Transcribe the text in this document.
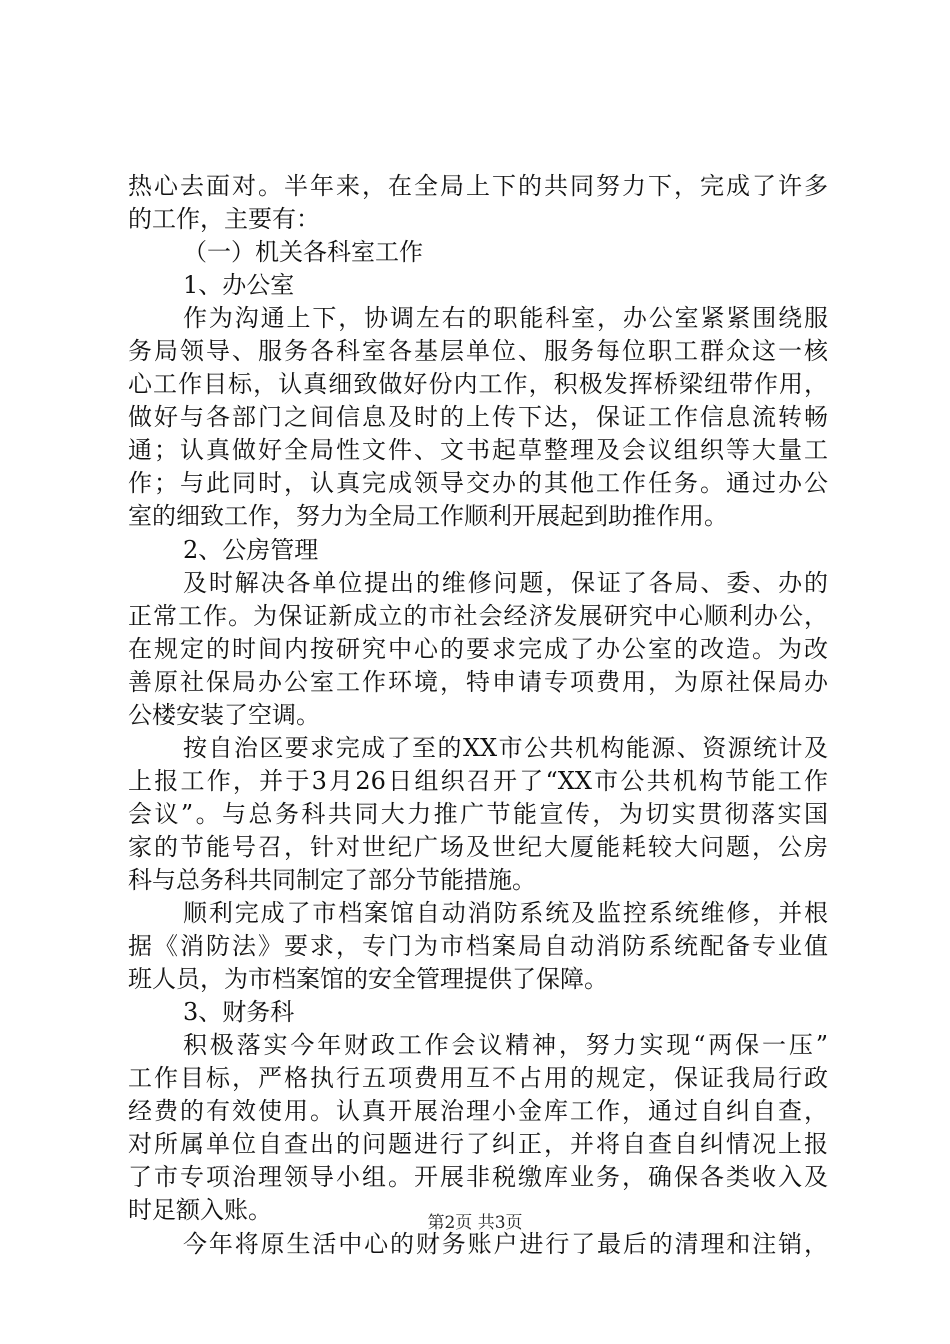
热心去面对。半年来，在全局上下的共同努力下，完成了许多
的工作，主要有：
（一）机关各科室工作
1、办公室
作为沟通上下，协调左右的职能科室，办公室紧紧围绕服
务局领导、服务各科室各基层单位、服务每位职工群众这一核
心工作目标，认真细致做好份内工作，积极发挥桥梁纽带作用，
做好与各部门之间信息及时的上传下达，保证工作信息流转畅
通；认真做好全局性文件、文书起草整理及会议组织等大量工
作；与此同时，认真完成领导交办的其他工作任务。通过办公
室的细致工作，努力为全局工作顺利开展起到助推作用。
2、公房管理
及时解决各单位提出的维修问题，保证了各局、委、办的
正常工作。为保证新成立的市社会经济发展研究中心顺利办公，
在规定的时间内按研究中心的要求完成了办公室的改造。为改
善原社保局办公室工作环境，特申请专项费用，为原社保局办
公楼安装了空调。
按自治区要求完成了至的XX市公共机构能源、资源统计及
上报工作，并于3月26日组织召开了“XX市公共机构节能工作
会议”。与总务科共同大力推广节能宣传，为切实贯彻落实国
家的节能号召，针对世纪广场及世纪大厦能耗较大问题，公房
科与总务科共同制定了部分节能措施。
顺利完成了市档案馆自动消防系统及监控系统维修，并根
据《消防法》要求，专门为市档案局自动消防系统配备专业值
班人员，为市档案馆的安全管理提供了保障。
3、财务科
积极落实今年财政工作会议精神，努力实现“两保一压”
工作目标，严格执行五项费用互不占用的规定，保证我局行政
经费的有效使用。认真开展治理小金库工作，通过自纠自查，
对所属单位自查出的问题进行了纠正，并将自查自纠情况上报
了市专项治理领导小组。开展非税缴库业务，确保各类收入及
时足额入账。
今年将原生活中心的财务账户进行了最后的清理和注销，
第2页 共3页
